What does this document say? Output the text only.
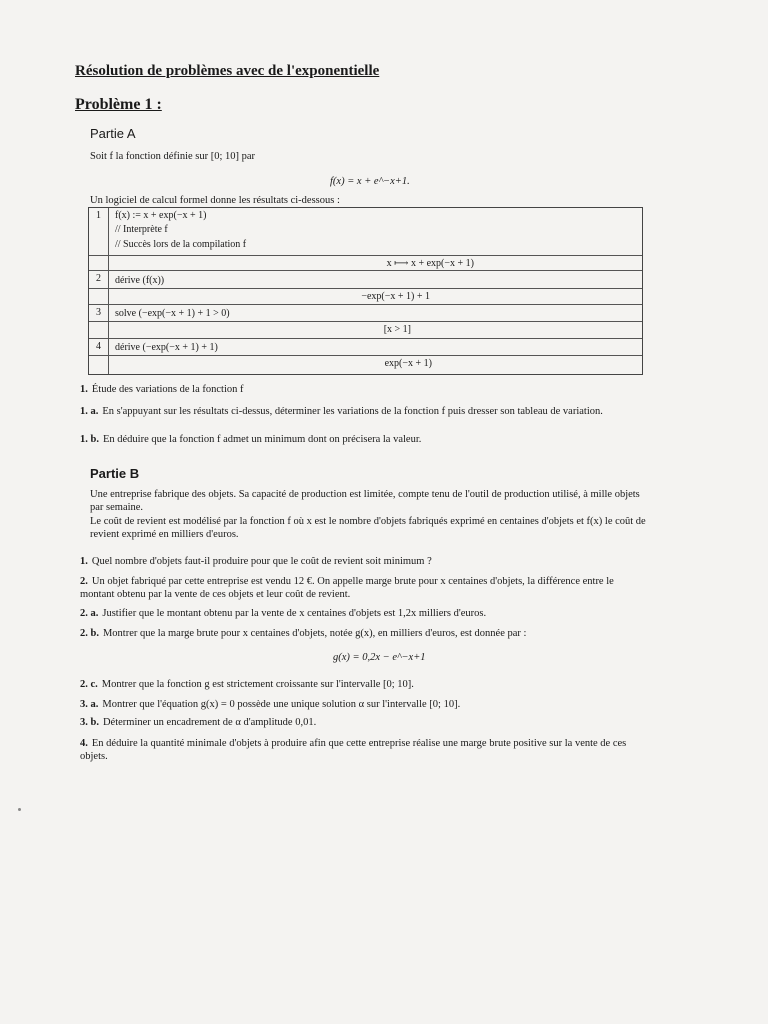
Résolution de problèmes avec de l'exponentielle
Problème 1 :
Partie A
Soit f la fonction définie sur [0; 10] par
f(x) = x + e^−x+1.
Un logiciel de calcul formel donne les résultats ci-dessous :
1	f(x) := x + exp(−x + 1)
// Interprète f
// Succès lors de la compilation f
x ⟼ x + exp(−x + 1)
2	dérive (f(x))
−exp(−x + 1) + 1
3	solve (−exp(−x + 1) + 1 > 0)
[x > 1]
4	dérive (−exp(−x + 1) + 1)
exp(−x + 1)
1. Étude des variations de la fonction f
1. a. En s'appuyant sur les résultats ci-dessus, déterminer les variations de la fonction f puis dresser son tableau de variation.
1. b. En déduire que la fonction f admet un minimum dont on précisera la valeur.
Partie B
Une entreprise fabrique des objets. Sa capacité de production est limitée, compte tenu de l'outil de production utilisé, à mille objets par semaine.
Le coût de revient est modélisé par la fonction f où x est le nombre d'objets fabriqués exprimé en centaines d'objets et f(x) le coût de revient exprimé en milliers d'euros.
1. Quel nombre d'objets faut-il produire pour que le coût de revient soit minimum ?
2. Un objet fabriqué par cette entreprise est vendu 12 €. On appelle marge brute pour x centaines d'objets, la différence entre le montant obtenu par la vente de ces objets et leur coût de revient.
2. a. Justifier que le montant obtenu par la vente de x centaines d'objets est 1,2x milliers d'euros.
2. b. Montrer que la marge brute pour x centaines d'objets, notée g(x), en milliers d'euros, est donnée par :
g(x) = 0,2x − e^−x+1
2. c. Montrer que la fonction g est strictement croissante sur l'intervalle [0; 10].
3. a. Montrer que l'équation g(x) = 0 possède une unique solution α sur l'intervalle [0; 10].
3. b. Déterminer un encadrement de α d'amplitude 0,01.
4. En déduire la quantité minimale d'objets à produire afin que cette entreprise réalise une marge brute positive sur la vente de ces objets.
